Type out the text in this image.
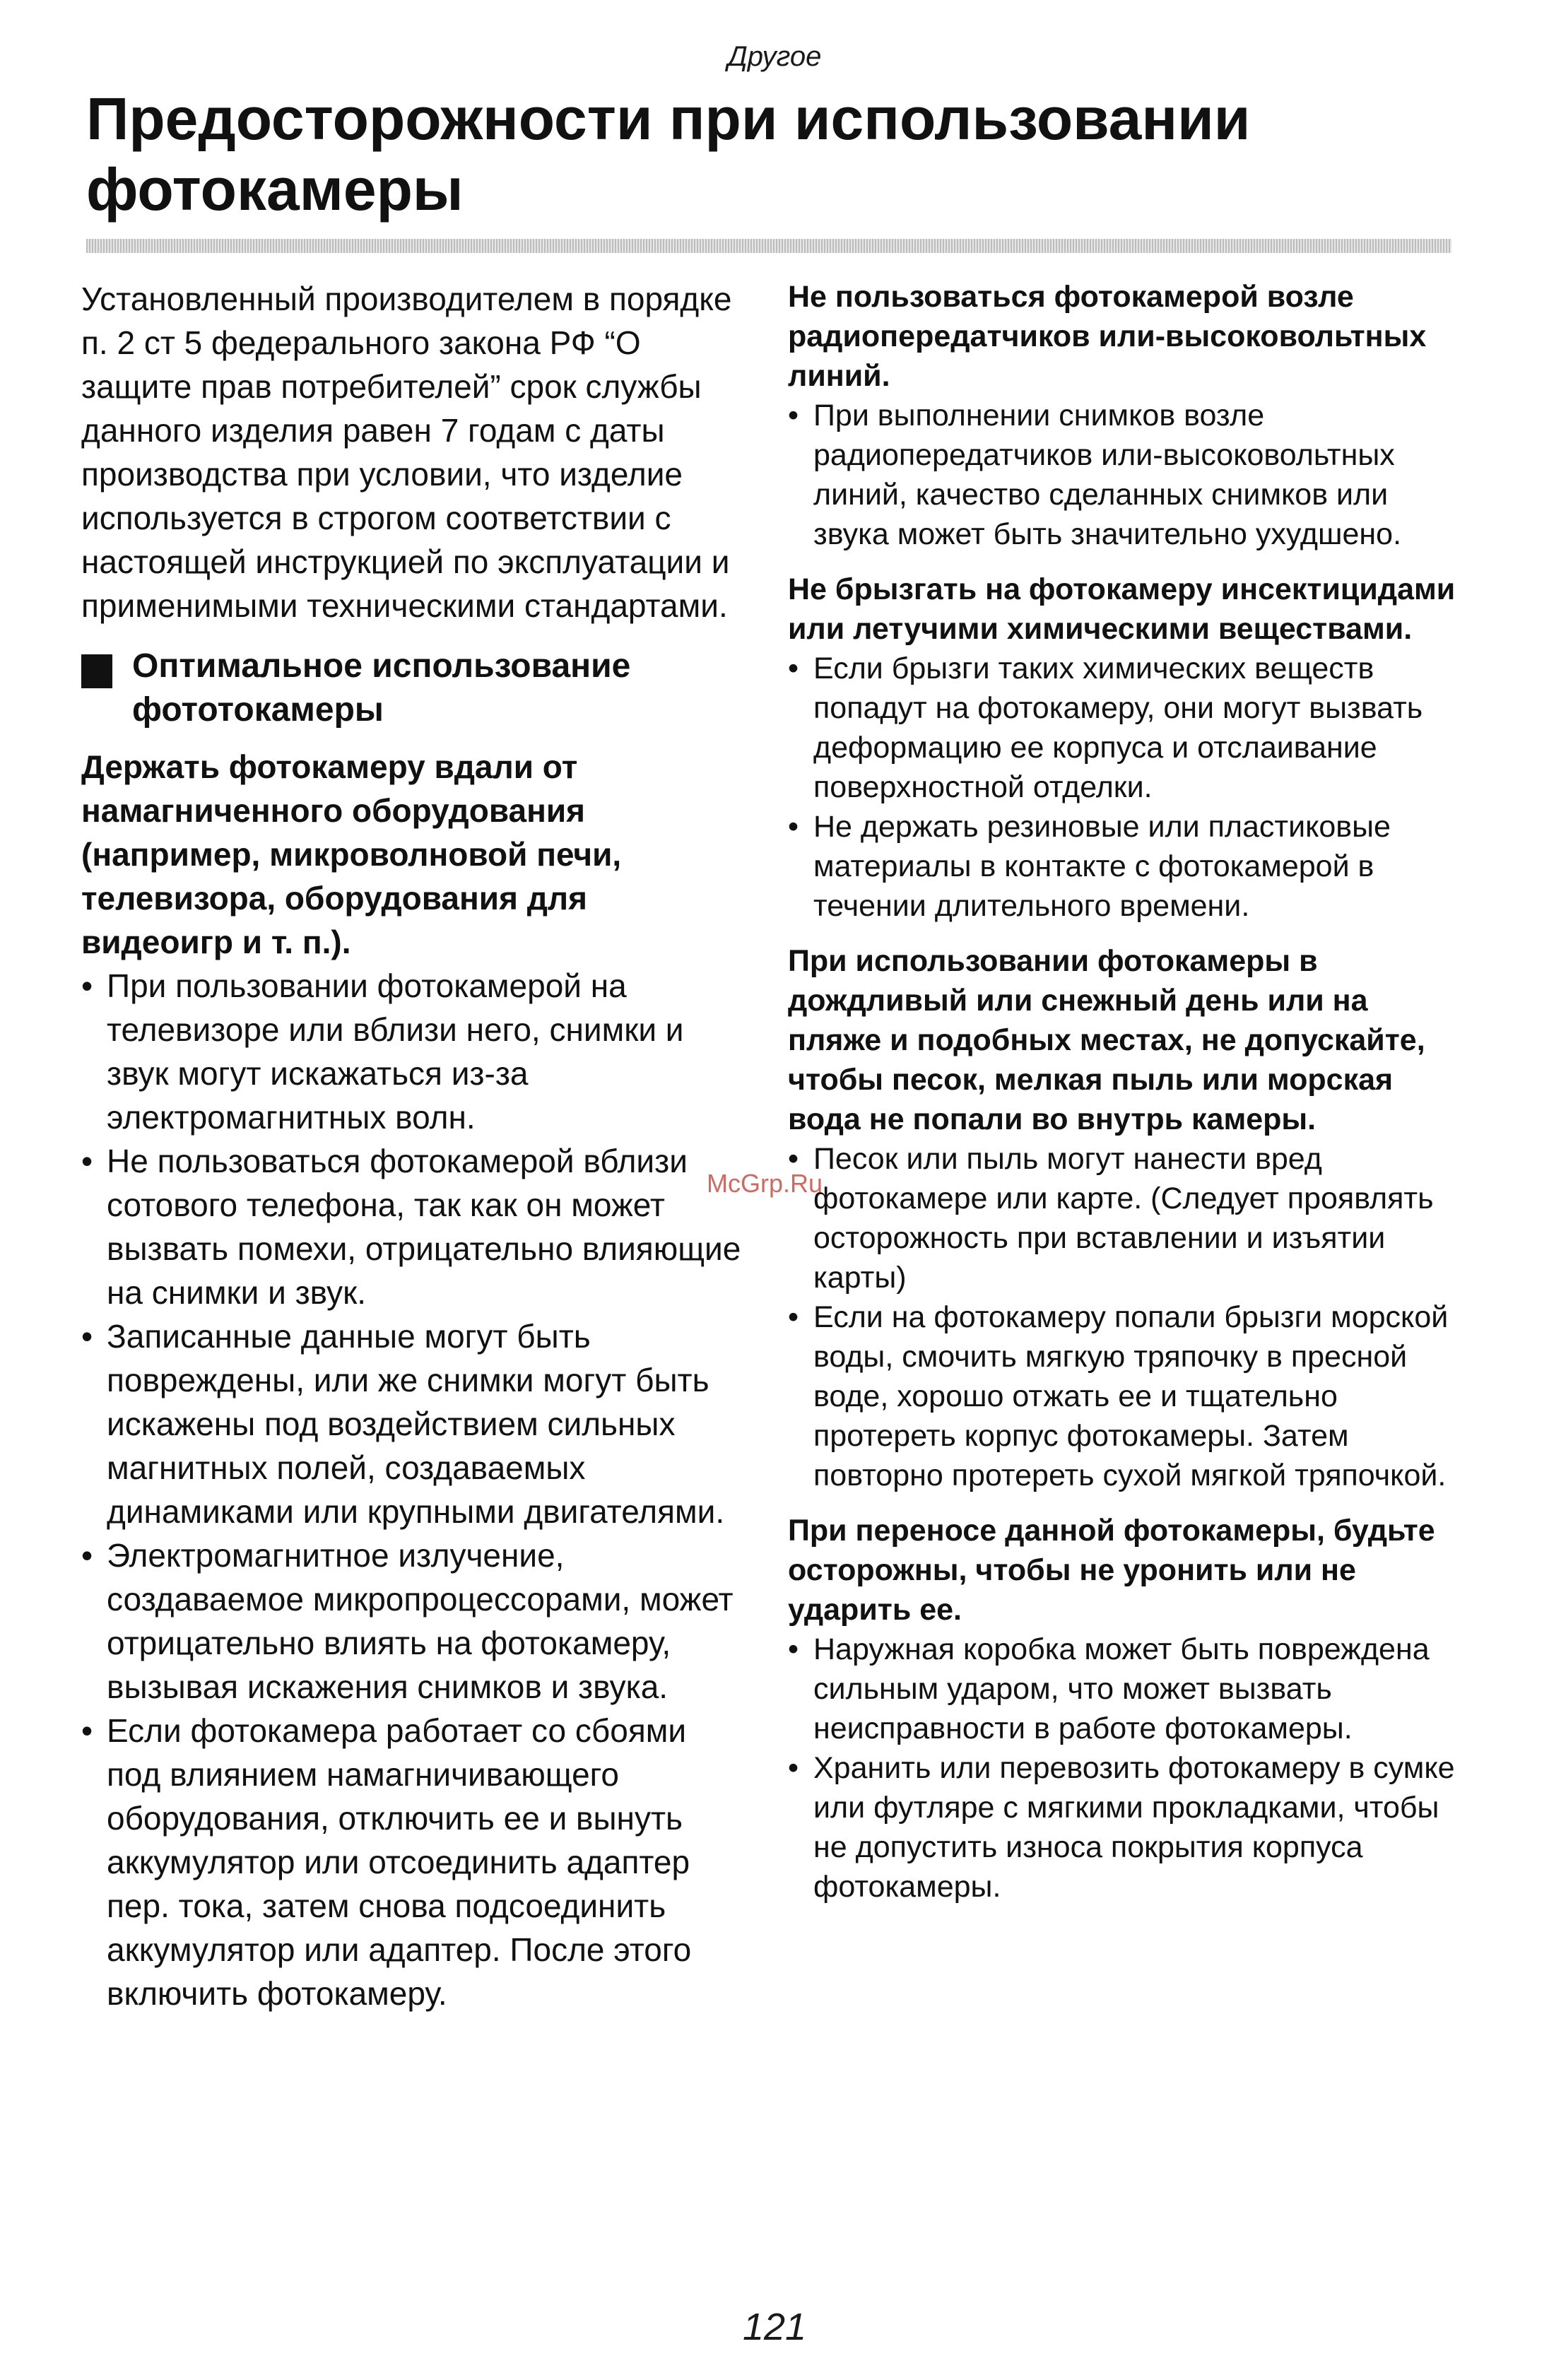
Другое
Предосторожности при использовании
фотокамеры

Установленный производителем в порядке п. 2 ст 5 федерального закона РФ “О защите прав потребителей” срок службы данного изделия равен 7 годам с даты производства при условии, что изделие используется в строгом соответствии с настоящей инструкцией по эксплуатации и применимыми техническими стандартами.

Оптимальное использование фототокамеры

Держать фотокамеру вдали от намагниченного оборудования (например, микроволновой печи, телевизора, оборудования для видеоигр и т. п.).

• При пользовании фотокамерой на телевизоре или вблизи него, снимки и звук могут искажаться из-за электромагнитных волн.
• Не пользоваться фотокамерой вблизи сотового телефона, так как он может вызвать помехи, отрицательно влияющие на снимки и звук.
• Записанные данные могут быть повреждены, или же снимки могут быть искажены под воздействием сильных магнитных полей, создаваемых динамиками или крупными двигателями.
• Электромагнитное излучение, создаваемое микропроцессорами, может отрицательно влиять на фотокамеру, вызывая искажения снимков и звука.
• Если фотокамера работает со сбоями под влиянием намагничивающего оборудования, отключить ее и вынуть аккумулятор или отсоединить адаптер пер. тока, затем снова подсоединить аккумулятор или адаптер. После этого включить фотокамеру.

Не пользоваться фотокамерой возле радиопередатчиков или-высоковольтных линий.

• При выполнении снимков возле радиопередатчиков или-высоковольтных линий, качество сделанных снимков или звука может быть значительно ухудшено.

Не брызгать на фотокамеру инсектицидами или летучими химическими веществами.

• Если брызги таких химических веществ попадут на фотокамеру, они могут вызвать деформацию ее корпуса и отслаивание поверхностной отделки.
• Не держать резиновые или пластиковые материалы в контакте с фотокамерой в течении длительного времени.

При использовании фотокамеры в дождливый или снежный день или на пляже и подобных местах, не допускайте, чтобы песок, мелкая пыль или морская вода не попали во внутрь камеры.

• Песок или пыль могут нанести вред фотокамере или карте. (Следует проявлять осторожность при вставлении и изъятии карты)
• Если на фотокамеру попали брызги морской воды, смочить мягкую тряпочку в пресной воде, хорошо отжать ее и тщательно протереть корпус фотокамеры. Затем повторно протереть сухой мягкой тряпочкой.

При переносе данной фотокамеры, будьте осторожны, чтобы не уронить или не ударить ее.

• Наружная коробка может быть повреждена сильным ударом, что может вызвать неисправности в работе фотокамеры.
• Хранить или перевозить фотокамеру в сумке или футляре с мягкими прокладками, чтобы не допустить износа покрытия корпуса фотокамеры.
McGrp.Ru
121
